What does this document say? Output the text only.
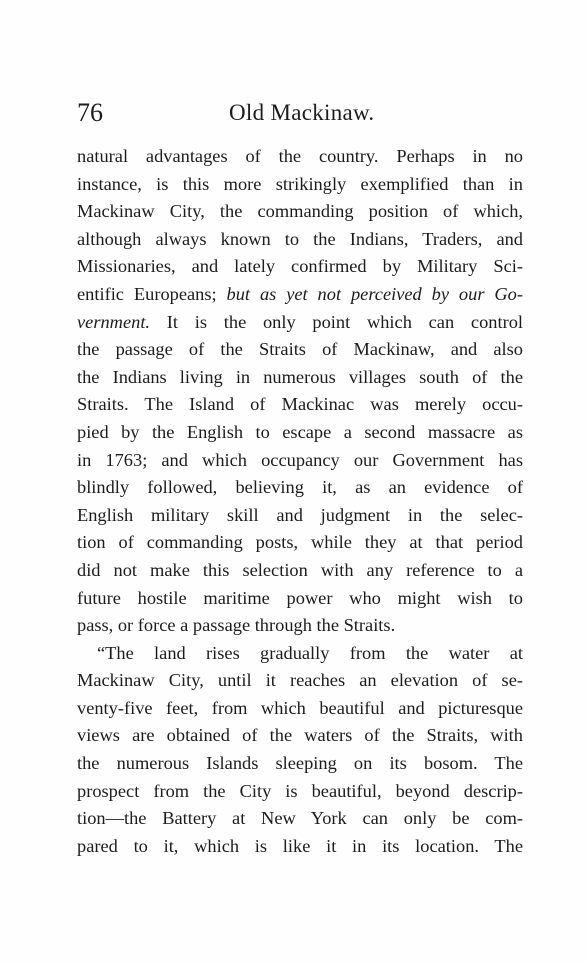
76	Old Mackinaw.
natural advantages of the country. Perhaps in no
instance, is this more strikingly exemplified than in
Mackinaw City, the commanding position of which,
although always known to the Indians, Traders, and
Missionaries, and lately confirmed by Military Sci-
entific Europeans; but as yet not perceived by our Go-
vernment. It is the only point which can control
the passage of the Straits of Mackinaw, and also
the Indians living in numerous villages south of the
Straits. The Island of Mackinac was merely occu-
pied by the English to escape a second massacre as
in 1763; and which occupancy our Government has
blindly followed, believing it, as an evidence of
English military skill and judgment in the selec-
tion of commanding posts, while they at that period
did not make this selection with any reference to a
future hostile maritime power who might wish to
pass, or force a passage through the Straits.
“The land rises gradually from the water at
Mackinaw City, until it reaches an elevation of se-
venty-five feet, from which beautiful and picturesque
views are obtained of the waters of the Straits, with
the numerous Islands sleeping on its bosom. The
prospect from the City is beautiful, beyond descrip-
tion—the Battery at New York can only be com-
pared to it, which is like it in its location. The
